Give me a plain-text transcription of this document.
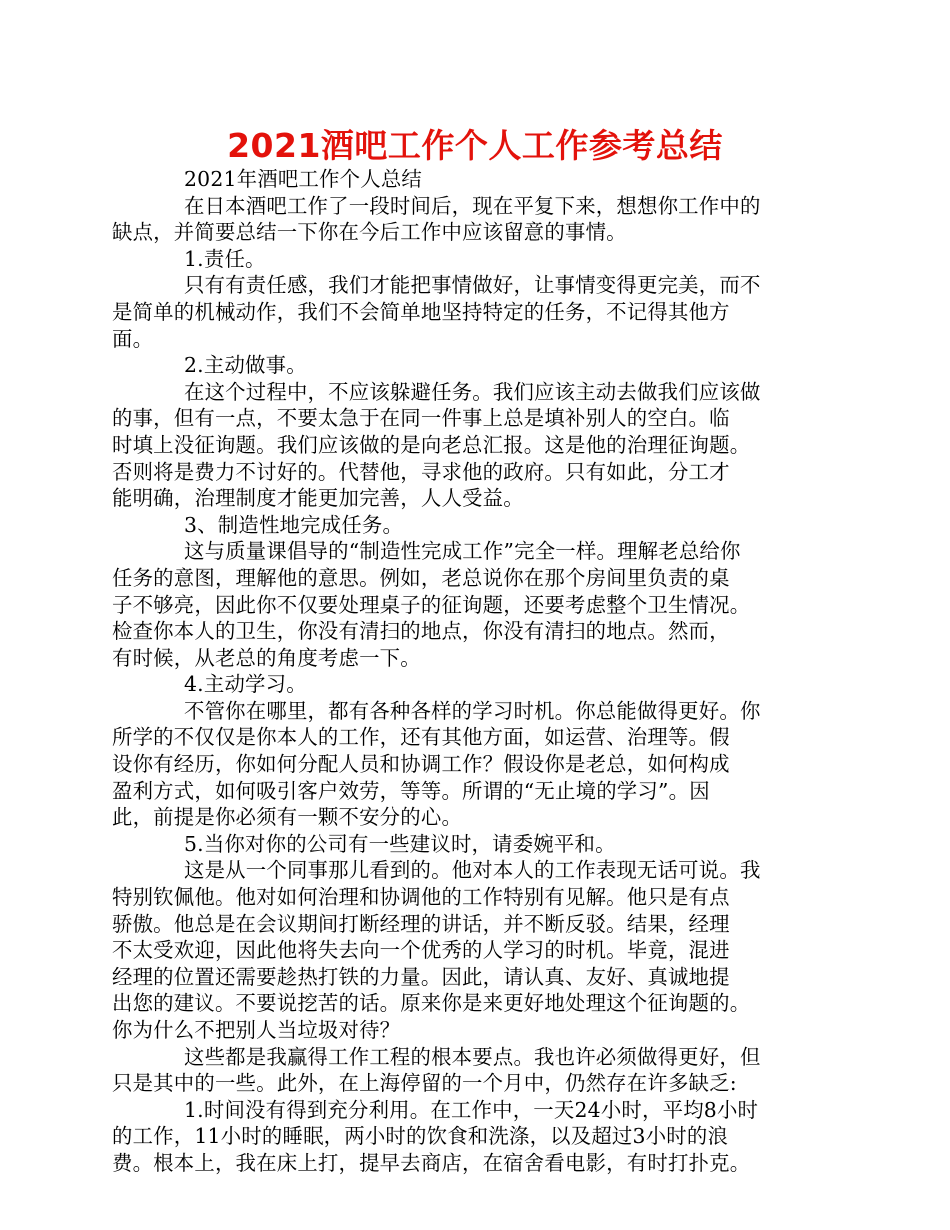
2021酒吧工作个人工作参考总结
2021年酒吧工作个人总结
在日本酒吧工作了一段时间后，现在平复下来，想想你工作中的
缺点，并简要总结一下你在今后工作中应该留意的事情。
1.责任。
只有有责任感，我们才能把事情做好，让事情变得更完美，而不
是简单的机械动作，我们不会简单地坚持特定的任务，不记得其他方
面。
2.主动做事。
在这个过程中，不应该躲避任务。我们应该主动去做我们应该做
的事，但有一点，不要太急于在同一件事上总是填补别人的空白。临
时填上没征询题。我们应该做的是向老总汇报。这是他的治理征询题。
否则将是费力不讨好的。代替他，寻求他的政府。只有如此，分工才
能明确，治理制度才能更加完善，人人受益。
3、制造性地完成任务。
这与质量课倡导的“制造性完成工作”完全一样。理解老总给你
任务的意图，理解他的意思。例如，老总说你在那个房间里负责的桌
子不够亮，因此你不仅要处理桌子的征询题，还要考虑整个卫生情况。
检查你本人的卫生，你没有清扫的地点，你没有清扫的地点。然而，
有时候，从老总的角度考虑一下。
4.主动学习。
不管你在哪里，都有各种各样的学习时机。你总能做得更好。你
所学的不仅仅是你本人的工作，还有其他方面，如运营、治理等。假
设你有经历，你如何分配人员和协调工作？假设你是老总，如何构成
盈利方式，如何吸引客户效劳，等等。所谓的“无止境的学习”。因
此，前提是你必须有一颗不安分的心。
5.当你对你的公司有一些建议时，请委婉平和。
这是从一个同事那儿看到的。他对本人的工作表现无话可说。我
特别钦佩他。他对如何治理和协调他的工作特别有见解。他只是有点
骄傲。他总是在会议期间打断经理的讲话，并不断反驳。结果，经理
不太受欢迎，因此他将失去向一个优秀的人学习的时机。毕竟，混进
经理的位置还需要趁热打铁的力量。因此，请认真、友好、真诚地提
出您的建议。不要说挖苦的话。原来你是来更好地处理这个征询题的。
你为什么不把别人当垃圾对待？
这些都是我赢得工作工程的根本要点。我也许必须做得更好，但
只是其中的一些。此外，在上海停留的一个月中，仍然存在许多缺乏:
1.时间没有得到充分利用。在工作中，一天24小时，平均8小时
的工作，11小时的睡眠，两小时的饮食和洗涤，以及超过3小时的浪
费。根本上，我在床上打，提早去商店，在宿舍看电影，有时打扑克。
